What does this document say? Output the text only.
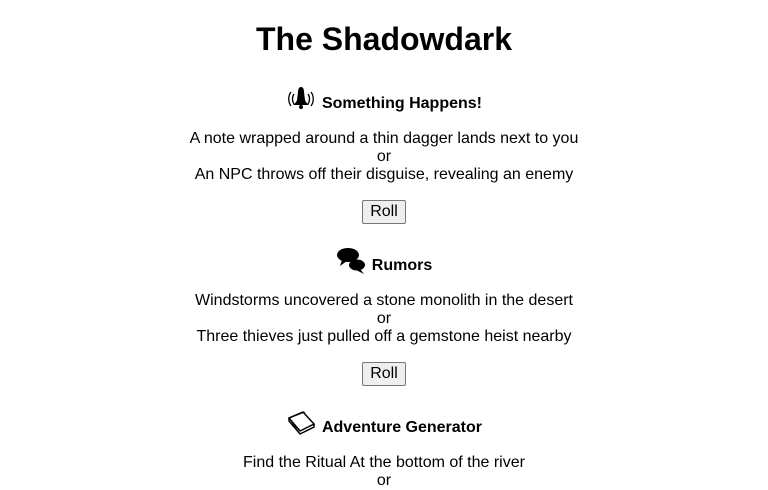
The Shadowdark
Something Happens!
A note wrapped around a thin dagger lands next to you
or
An NPC throws off their disguise, revealing an enemy
Roll
Rumors
Windstorms uncovered a stone monolith in the desert
or
Three thieves just pulled off a gemstone heist nearby
Roll
Adventure Generator
Find the Ritual At the bottom of the river
or
